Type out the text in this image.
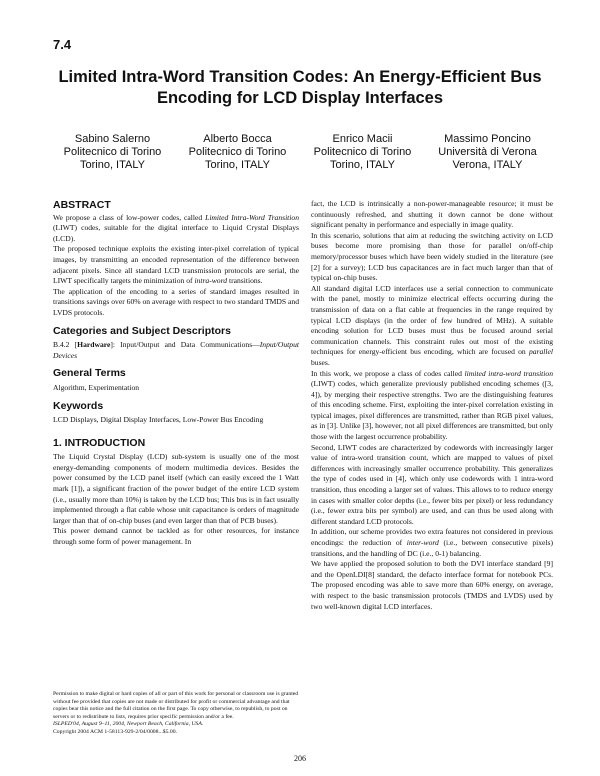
7.4
Limited Intra-Word Transition Codes: An Energy-Efficient Bus Encoding for LCD Display Interfaces
Sabino Salerno
Politecnico di Torino
Torino, ITALY
Alberto Bocca
Politecnico di Torino
Torino, ITALY
Enrico Macii
Politecnico di Torino
Torino, ITALY
Massimo Poncino
Università di Verona
Verona, ITALY
ABSTRACT

We propose a class of low-power codes, called Limited Intra-Word Transition (LIWT) codes, suitable for the digital interface to Liquid Crystal Displays (LCD).

The proposed technique exploits the existing inter-pixel correlation of typical images, by transmitting an encoded representation of the difference between adjacent pixels. Since all standard LCD transmission protocols are serial, the LIWT specifically targets the minimization of intra-word transitions.

The application of the encoding to a series of standard images resulted in transitions savings over 60% on average with respect to two standard TMDS and LVDS protocols.

Categories and Subject Descriptors

B.4.2 [Hardware]: Input/Output and Data Communications—Input/Output Devices

General Terms

Algorithm, Experimentation

Keywords

LCD Displays, Digital Display Interfaces, Low-Power Bus Encoding

1. INTRODUCTION

The Liquid Crystal Display (LCD) sub-system is usually one of the most energy-demanding components of modern multimedia devices. Besides the power consumed by the LCD panel itself (which can easily exceed the 1 Watt mark [1]), a significant fraction of the power budget of the entire LCD system (i.e., usually more than 10%) is taken by the LCD bus; This bus is in fact usually implemented through a flat cable whose unit capacitance is orders of magnitude larger than that of on-chip buses (and even larger than that of PCB buses).

This power demand cannot be tackled as for other resources, for instance through some form of power management. In

fact, the LCD is intrinsically a non-power-manageable resource; it must be continuously refreshed, and shutting it down cannot be done without significant penalty in performance and especially in image quality.

In this scenario, solutions that aim at reducing the switching activity on LCD buses become more promising than those for parallel on/off-chip memory/processor buses which have been widely studied in the literature (see [2] for a survey); LCD bus capacitances are in fact much larger than that of typical on-chip buses.

All standard digital LCD interfaces use a serial connection to communicate with the panel, mostly to minimize electrical effects occurring during the transmission of data on a flat cable at frequencies in the range required by typical LCD displays (in the order of few hundred of MHz). A suitable encoding solution for LCD buses must thus be focused around serial communication channels. This constraint rules out most of the existing techniques for energy-efficient bus encoding, which are focused on parallel buses.

In this work, we propose a class of codes called limited intra-word transition (LIWT) codes, which generalize previously published encoding schemes ([3, 4]), by merging their respective strengths. Two are the distinguishing features of this encoding scheme. First, exploiting the inter-pixel correlation existing in typical images, pixel differences are transmitted, rather than RGB pixel values, as in [3]. Unlike [3], however, not all pixel differences are transmitted, but only those with the largest occurrence probability.

Second, LIWT codes are characterized by codewords with increasingly larger value of intra-word transition count, which are mapped to values of pixel differences with increasingly smaller occurrence probability. This generalizes the type of codes used in [4], which only use codewords with 1 intra-word transition, thus encoding a larger set of values. This allows to to reduce energy in cases with smaller color depths (i.e., fewer bits per pixel) or less redundancy (i.e., fewer extra bits per symbol) are used, and can thus be used along with different standard LCD protocols.

In addition, our scheme provides two extra features not considered in previous encodings: the reduction of inter-word (i.e., between consecutive pixels) transitions, and the handling of DC (i.e., 0-1) balancing.

We have applied the proposed solution to both the DVI interface standard [9] and the OpenLDI[8] standard, the defacto interface format for notebook PCs. The proposed encoding was able to save more than 60% energy, on average, with respect to the basic transmission protocols (TMDS and LVDS) used by two well-known digital LCD interfaces.

Permission to make digital or hard copies of all or part of this work for personal or classroom use is granted without fee provided that copies are not made or distributed for profit or commercial advantage and that copies bear this notice and the full citation on the first page. To copy otherwise, to republish, to post on servers or to redistribute to lists, requires prior specific permission and/or a fee.
ISLPED'04, August 9–11, 2004, Newport Beach, California, USA.
Copyright 2004 ACM 1-58113-929-2/04/0008...$5.00.
206
